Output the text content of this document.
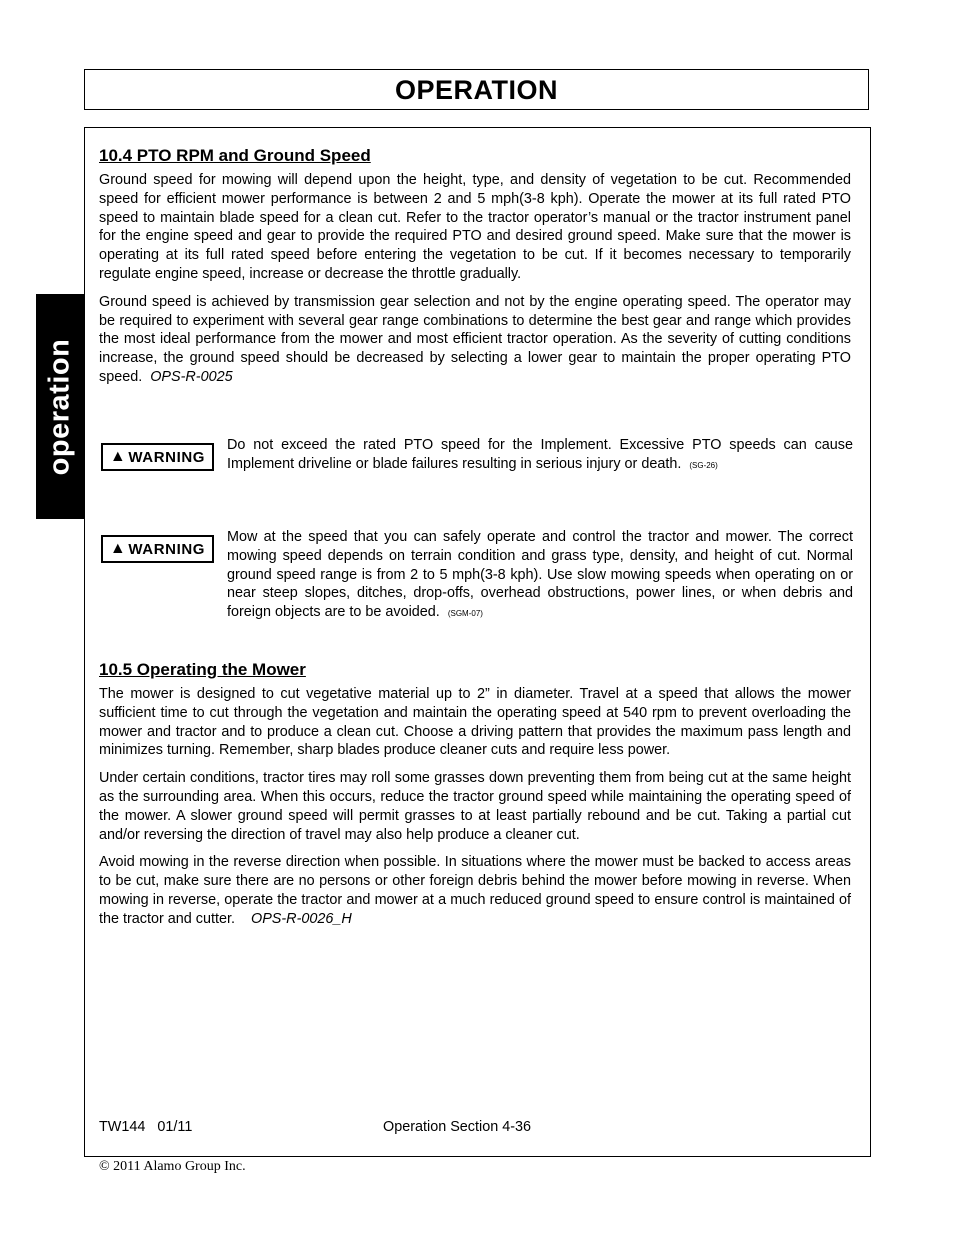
OPERATION
operation
10.4 PTO RPM and Ground Speed

Ground speed for mowing will depend upon the height, type, and density of vegetation to be cut. Recommended speed for efficient mower performance is between 2 and 5 mph(3-8 kph). Operate the mower at its full rated PTO speed to maintain blade speed for a clean cut. Refer to the tractor operator’s manual or the tractor instrument panel for the engine speed and gear to provide the required PTO and desired ground speed. Make sure that the mower is operating at its full rated speed before entering the vegetation to be cut. If it becomes necessary to temporarily regulate engine speed, increase or decrease the throttle gradually.

Ground speed is achieved by transmission gear selection and not by the engine operating speed. The operator may be required to experiment with several gear range combinations to determine the best gear and range which provides the most ideal performance from the mower and most efficient tractor operation. As the severity of cutting conditions increase, the ground speed should be decreased by selecting a lower gear to maintain the proper operating PTO speed. OPS-R-0025

▲ WARNING

Do not exceed the rated PTO speed for the Implement. Excessive PTO speeds can cause Implement driveline or blade failures resulting in serious injury or death. (SG-26)

▲ WARNING

Mow at the speed that you can safely operate and control the tractor and mower. The correct mowing speed depends on terrain condition and grass type, density, and height of cut. Normal ground speed range is from 2 to 5 mph(3-8 kph). Use slow mowing speeds when operating on or near steep slopes, ditches, drop-offs, overhead obstructions, power lines, or when debris and foreign objects are to be avoided. (SGM-07)

10.5 Operating the Mower

The mower is designed to cut vegetative material up to 2” in diameter. Travel at a speed that allows the mower sufficient time to cut through the vegetation and maintain the operating speed at 540 rpm to prevent overloading the mower and tractor and to produce a clean cut. Choose a driving pattern that provides the maximum pass length and minimizes turning. Remember, sharp blades produce cleaner cuts and require less power.

Under certain conditions, tractor tires may roll some grasses down preventing them from being cut at the same height as the surrounding area. When this occurs, reduce the tractor ground speed while maintaining the operating speed of the mower. A slower ground speed will permit grasses to at least partially rebound and be cut. Taking a partial cut and/or reversing the direction of travel may also help produce a cleaner cut.

Avoid mowing in the reverse direction when possible. In situations where the mower must be backed to access areas to be cut, make sure there are no persons or other foreign debris behind the mower before mowing in reverse. When mowing in reverse, operate the tractor and mower at a much reduced ground speed to ensure control is maintained of the tractor and cutter. OPS-R-0026_H

TW144   01/11	Operation Section 4-36
© 2011 Alamo Group Inc.
